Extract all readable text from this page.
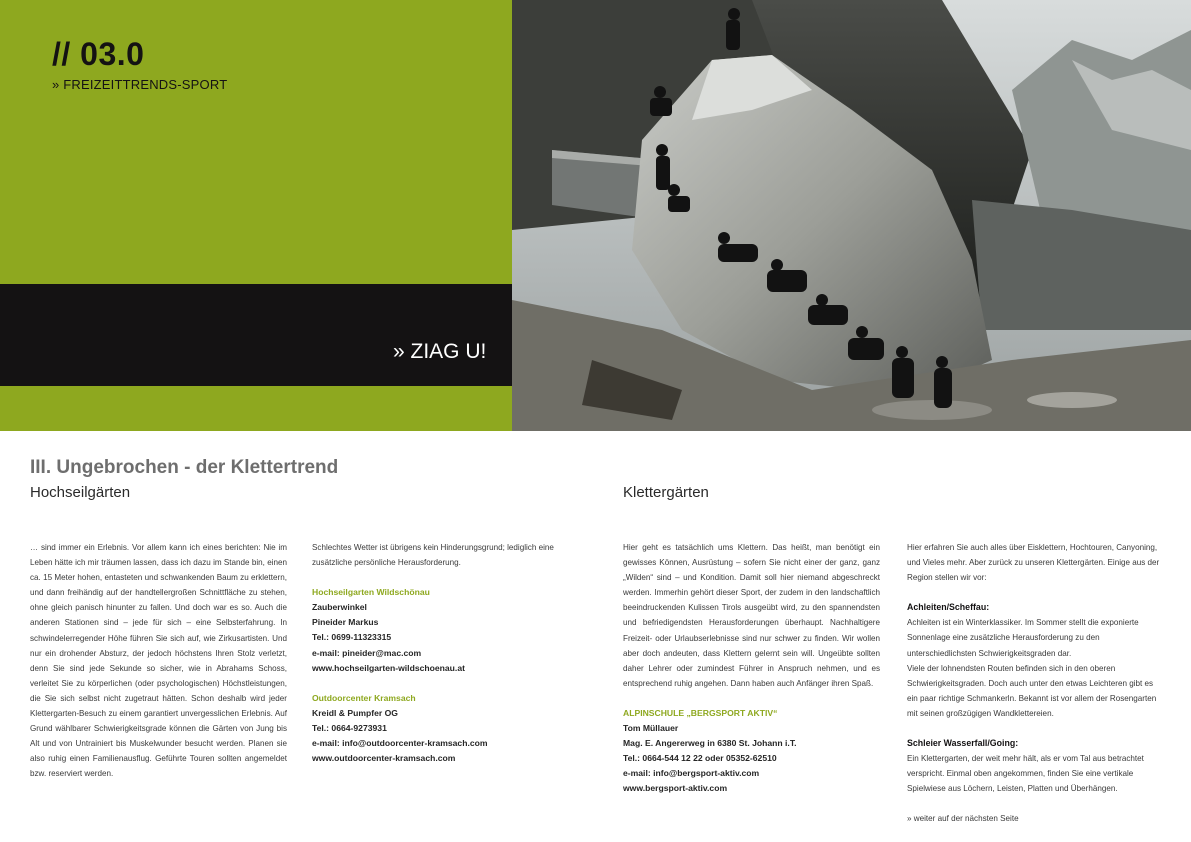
// 03.0
» FREIZEITTRENDS-SPORT
» ZIAG U!
III. Ungebrochen - der Klettertrend
Hochseilgärten	Klettergärten

… sind immer ein Erlebnis. Vor allem kann ich eines berichten: Nie im Leben hätte ich mir träumen lassen, dass ich dazu im Stande bin, einen ca. 15 Meter hohen, entasteten und schwankenden Baum zu erklettern, und dann freihändig auf der handtellergroßen Schnittfläche zu stehen, ohne gleich panisch hinunter zu fallen. Und doch war es so. Auch die anderen Stationen sind – jede für sich – eine Selbsterfahrung. In schwindelerregender Höhe führen Sie sich auf, wie Zirkusartisten. Und nur ein drohender Absturz, der jedoch höchstens Ihren Stolz verletzt, denn Sie sind jede Sekunde so sicher, wie in Abrahams Schoss, verleitet Sie zu körperlichen (oder psychologischen) Höchstleistungen, die Sie sich selbst nicht zugetraut hätten. Schon deshalb wird jeder Klettergarten-Besuch zu einem garantiert unvergesslichen Erlebnis. Auf Grund wählbarer Schwierigkeitsgrade können die Gärten von Jung bis Alt und von Untrainiert bis Muskelwunder besucht werden. Planen sie also ruhig einen Familienausflug. Geführte Touren sollten angemeldet bzw. reserviert werden.

Schlechtes Wetter ist übrigens kein Hinderungsgrund; lediglich eine zusätzliche persönliche Herausforderung.

Hochseilgarten Wildschönau

Zauberwinkel

Pineider Markus

Tel.: 0699-11323315

e-mail: pineider@mac.com

www.hochseilgarten-wildschoenau.at

Outdoorcenter Kramsach

Kreidl & Pumpfer OG

Tel.: 0664-9273931

e-mail: info@outdoorcenter-kramsach.com

www.outdoorcenter-kramsach.com

Hier geht es tatsächlich ums Klettern. Das heißt, man benötigt ein gewisses Können, Ausrüstung – sofern Sie nicht einer der ganz, ganz „Wilden“ sind – und Kondition. Damit soll hier niemand abgeschreckt werden. Immerhin gehört dieser Sport, der zudem in den landschaftlich beeindruckenden Kulissen Tirols ausgeübt wird, zu den spannendsten und befriedigendsten Herausforderungen überhaupt. Nachhaltigere Freizeit- oder Urlaubserlebnisse sind nur schwer zu finden. Wir wollen aber doch andeuten, dass Klettern gelernt sein will. Ungeübte sollten daher Lehrer oder zumindest Führer in Anspruch nehmen, und es entsprechend ruhig angehen. Dann haben auch Anfänger ihren Spaß.

ALPINSCHULE „BERGSPORT AKTIV“

Tom Müllauer

Mag. E. Angererweg in 6380 St. Johann i.T.

Tel.: 0664-544 12 22 oder 05352-62510

e-mail: info@bergsport-aktiv.com

www.bergsport-aktiv.com

Hier erfahren Sie auch alles über Eisklettern, Hochtouren, Canyoning, und Vieles mehr. Aber zurück zu unseren Klettergärten. Einige aus der Region stellen wir vor:

Achleiten/Scheffau:

Achleiten ist ein Winterklassiker. Im Sommer stellt die exponierte Sonnenlage eine zusätzliche Herausforderung zu den unterschiedlichsten Schwierigkeitsgraden dar.

Viele der lohnendsten Routen befinden sich in den oberen Schwierigkeitsgraden. Doch auch unter den etwas Leichteren gibt es ein paar richtige Schmankerln. Bekannt ist vor allem der Rosengarten mit seinen großzügigen Wandklettereien.

Schleier Wasserfall/Going:

Ein Klettergarten, der weit mehr hält, als er vom Tal aus betrachtet verspricht. Einmal oben angekommen, finden Sie eine vertikale Spielwiese aus Löchern, Leisten, Platten und Überhängen.

» weiter auf der nächsten Seite
